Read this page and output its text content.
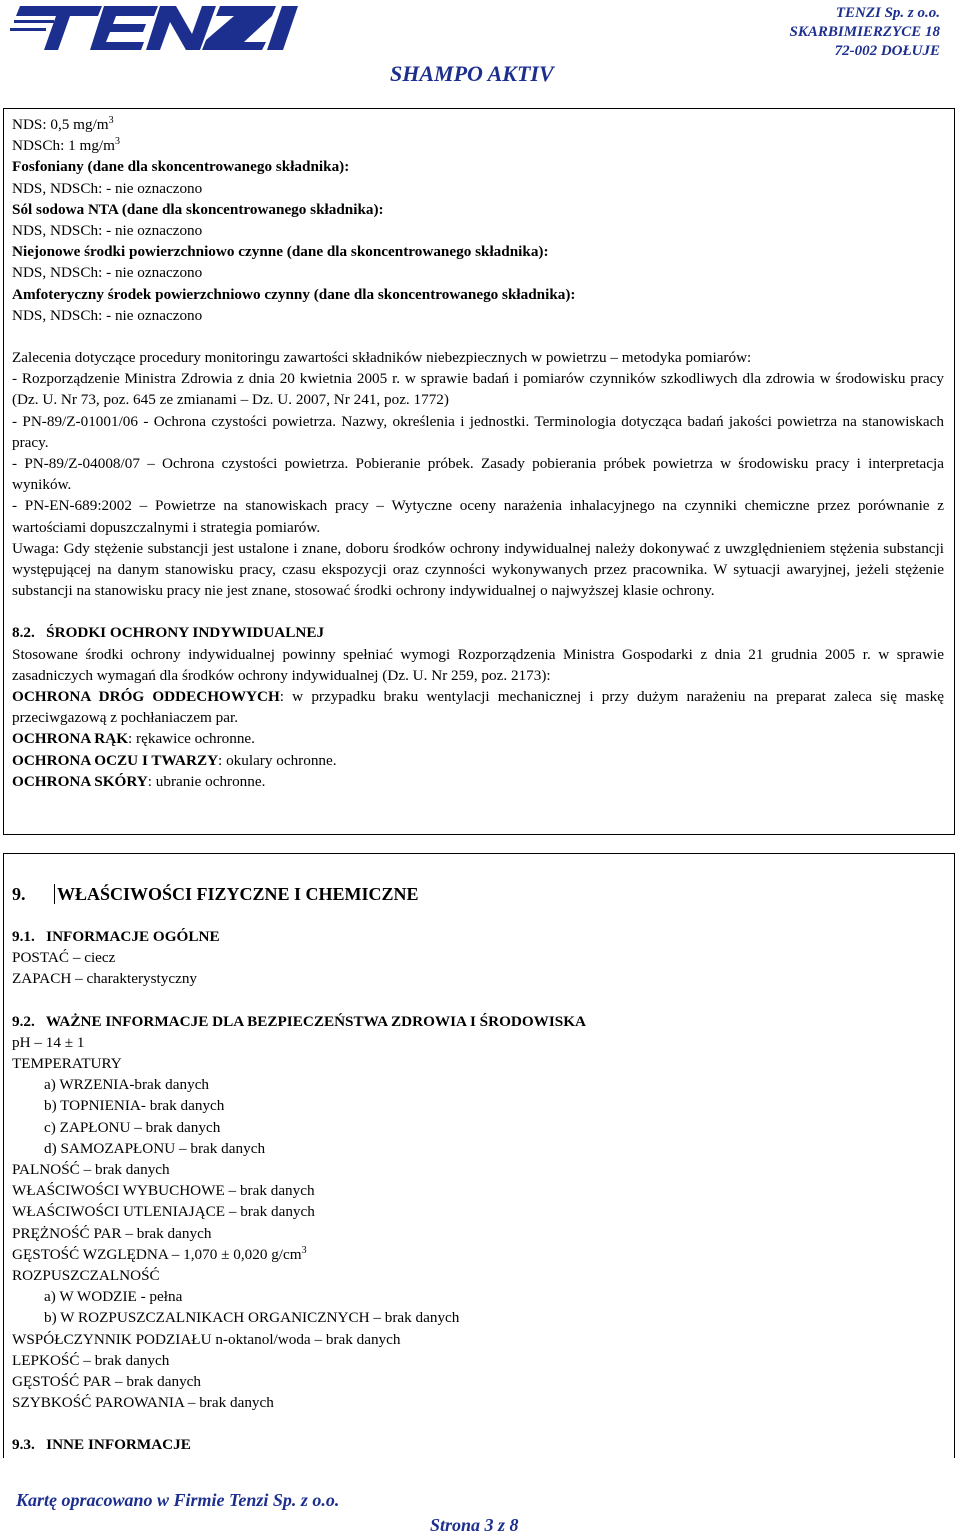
TENZI Sp. z o.o.
SKARBIMIERZYCE 18
72-002 DOŁUJE
SHAMPO AKTIV
NDS: 0,5 $mg/m^3$
NDSCh: 1 $mg/m^3$
Fosfoniany (dane dla skoncentrowanego składnika):
NDS, NDSCh: - nie oznaczono
Sól sodowa NTA (dane dla skoncentrowanego składnika):
NDS, NDSCh: - nie oznaczono
Niejonowe środki powierzchniowo czynne (dane dla skoncentrowanego składnika):
NDS, NDSCh: - nie oznaczono
Amfoteryczny środek powierzchniowo czynny (dane dla skoncentrowanego składnika):
NDS, NDSCh: - nie oznaczono
Zalecenia dotyczące procedury monitoringu zawartości składników niebezpiecznych w powietrzu – metodyka pomiarów:
- Rozporządzenie Ministra Zdrowia z dnia 20 kwietnia 2005 r. w sprawie badań i pomiarów czynników szkodliwych dla zdrowia w środowisku pracy (Dz. U. Nr 73, poz. 645 ze zmianami – Dz. U. 2007, Nr 241, poz. 1772)
- PN-89/Z-01001/06 - Ochrona czystości powietrza. Nazwy, określenia i jednostki. Terminologia dotycząca badań jakości powietrza na stanowiskach pracy.
- PN-89/Z-04008/07 – Ochrona czystości powietrza. Pobieranie próbek. Zasady pobierania próbek powietrza w środowisku pracy i interpretacja wyników.
- PN-EN-689:2002 – Powietrze na stanowiskach pracy – Wytyczne oceny narażenia inhalacyjnego na czynniki chemiczne przez porównanie z wartościami dopuszczalnymi i strategia pomiarów.
Uwaga: Gdy stężenie substancji jest ustalone i znane, doboru środków ochrony indywidualnej należy dokonywać z uwzględnieniem stężenia substancji występującej na danym stanowisku pracy, czasu ekspozycji oraz czynności wykonywanych przez pracownika. W sytuacji awaryjnej, jeżeli stężenie substancji na stanowisku pracy nie jest znane, stosować środki ochrony indywidualnej o najwyższej klasie ochrony.
8.2.   ŚRODKI OCHRONY INDYWIDUALNEJ
Stosowane środki ochrony indywidualnej powinny spełniać wymogi Rozporządzenia Ministra Gospodarki z dnia 21 grudnia 2005 r. w sprawie zasadniczych wymagań dla środków ochrony indywidualnej (Dz. U. Nr 259, poz. 2173):
OCHRONA DRÓG ODDECHOWYCH: w przypadku braku wentylacji mechanicznej i przy dużym narażeniu na preparat zaleca się maskę przeciwgazową z pochłaniaczem par.
OCHRONA RĄK: rękawice ochronne.
OCHRONA OCZU I TWARZY: okulary ochronne.
OCHRONA SKÓRY: ubranie ochronne.
9. WŁAŚCIWOŚCI FIZYCZNE I CHEMICZNE
9.1.   INFORMACJE OGÓLNE
POSTAĆ – ciecz
ZAPACH – charakterystyczny
9.2.   WAŻNE INFORMACJE DLA BEZPIECZEŃSTWA ZDROWIA I ŚRODOWISKA
pH – 14 ± 1
TEMPERATURY
a) WRZENIA-brak danych
b) TOPNIENIA- brak danych
c) ZAPŁONU – brak danych
d) SAMOZAPŁONU – brak danych
PALNOŚĆ – brak danych
WŁAŚCIWOŚCI WYBUCHOWE – brak danych
WŁAŚCIWOŚCI UTLENIAJĄCE – brak danych
PRĘŻNOŚĆ PAR – brak danych
GĘSTOŚĆ WZGLĘDNA – 1,070 ± 0,020 $g/cm^3$
ROZPUSZCZALNOŚĆ
a) W WODZIE - pełna
b) W ROZPUSZCZALNIKACH ORGANICZNYCH – brak danych
WSPÓŁCZYNNIK PODZIAŁU n-oktanol/woda – brak danych
LEPKOŚĆ – brak danych
GĘSTOŚĆ PAR – brak danych
SZYBKOŚĆ PAROWANIA – brak danych
9.3.   INNE INFORMACJE
Kartę opracowano w Firmie Tenzi Sp. z o.o.
Strona 3 z 8
